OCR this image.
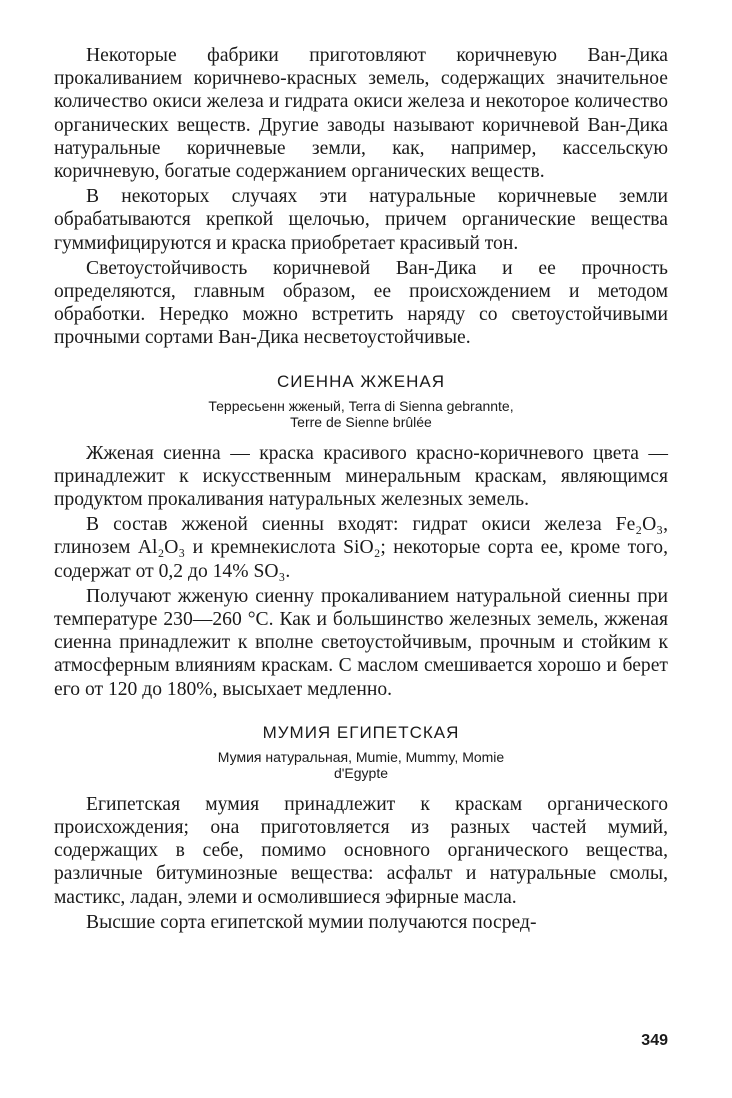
Некоторые фабрики приготовляют коричневую Ван-Дика прокаливанием коричнево-красных земель, содержащих значительное количество окиси железа и гидрата окиси железа и некоторое количество органических веществ. Другие заводы называют коричневой Ван-Дика натуральные коричневые земли, как, например, кассельскую коричневую, богатые содержанием органических веществ.

В некоторых случаях эти натуральные коричневые земли обрабатываются крепкой щелочью, причем органические вещества гуммифицируются и краска приобретает красивый тон.

Светоустойчивость коричневой Ван-Дика и ее прочность определяются, главным образом, ее происхождением и методом обработки. Нередко можно встретить наряду со светоустойчивыми прочными сортами Ван-Дика несветоустойчивые.

СИЕННА ЖЖЕНАЯ
Терресьенн жженый, Terra di Sienna gebrannte,
Terre de Sienne brûlée

Жженая сиенна — краска красивого красно-коричневого цвета — принадлежит к искусственным минеральным краскам, являющимся продуктом прокаливания натуральных железных земель.

В состав жженой сиенны входят: гидрат окиси железа Fe₂O₃, глинозем Al₂O₃ и кремнекислота SiO₂; некоторые сорта ее, кроме того, содержат от 0,2 до 14% SO₃.

Получают жженую сиенну прокаливанием натуральной сиенны при температуре 230—260 °С. Как и большинство железных земель, жженая сиенна принадлежит к вполне светоустойчивым, прочным и стойким к атмосферным влияниям краскам. С маслом смешивается хорошо и берет его от 120 до 180%, высыхает медленно.

МУМИЯ ЕГИПЕТСКАЯ
Мумия натуральная, Mumie, Mummy, Momie
d'Egypte

Египетская мумия принадлежит к краскам органического происхождения; она приготовляется из разных частей мумий, содержащих в себе, помимо основного органического вещества, различные битуминозные вещества: асфальт и натуральные смолы, мастикс, ладан, элеми и осмолившиеся эфирные масла.

Высшие сорта египетской мумии получаются посред-

349
